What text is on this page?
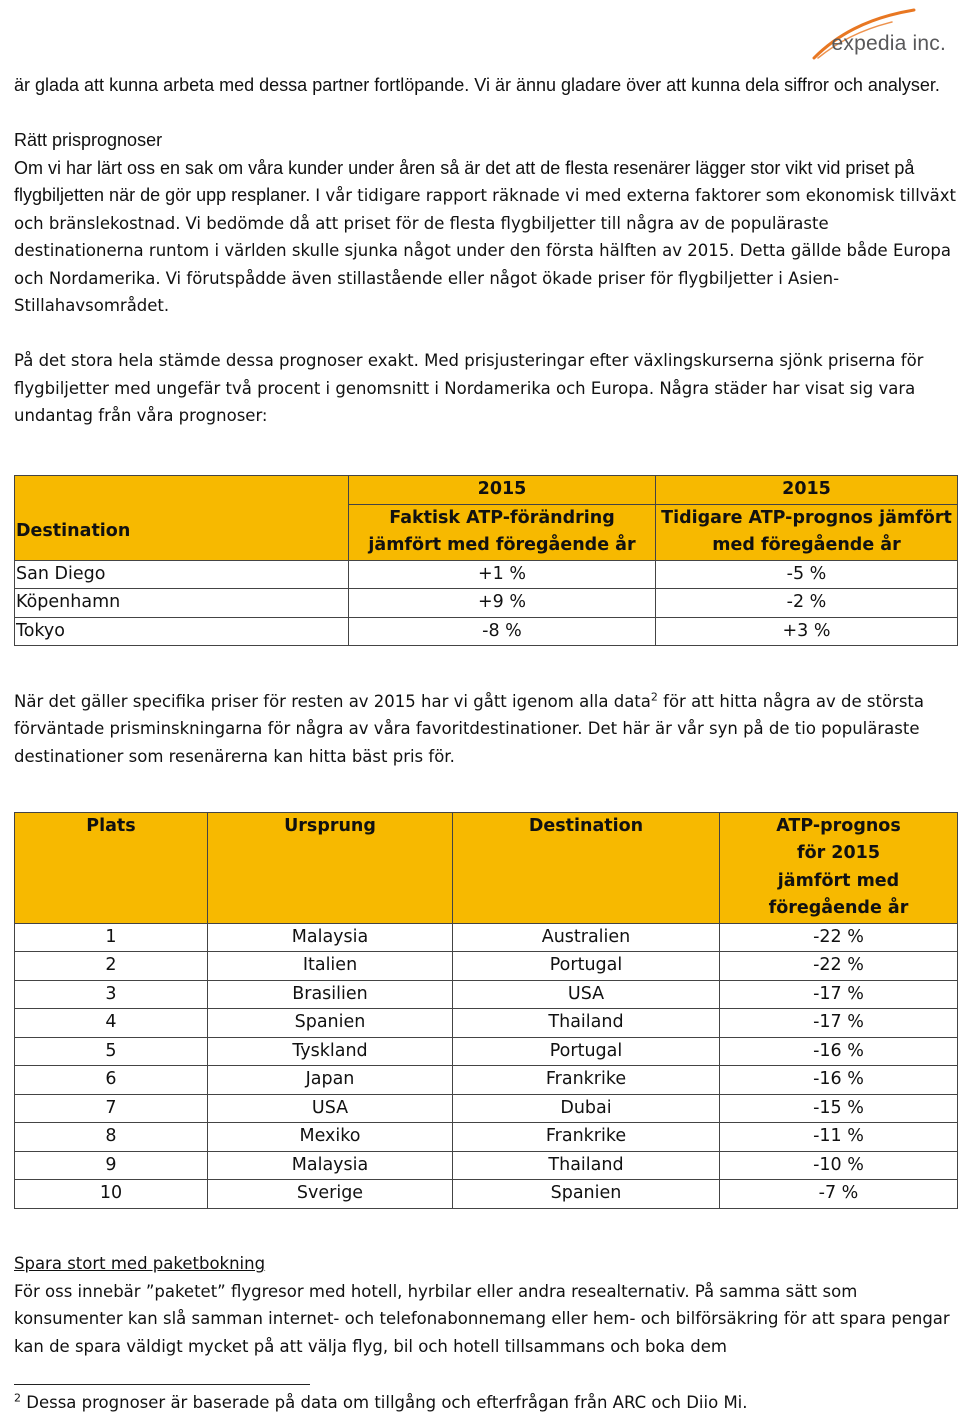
expedia inc.

är glada att kunna arbeta med dessa partner fortlöpande. Vi är ännu gladare över att kunna dela siffror och analyser.

Rätt prisprognoser

Om vi har lärt oss en sak om våra kunder under åren så är det att de flesta resenärer lägger stor vikt vid priset på flygbiljetten när de gör upp resplaner. I vår tidigare rapport räknade vi med externa faktorer som ekonomisk tillväxt och bränslekostnad. Vi bedömde då att priset för de flesta flygbiljetter till några av de populäraste destinationerna runtom i världen skulle sjunka något under den första hälften av 2015. Detta gällde både Europa och Nordamerika. Vi förutspådde även stillastående eller något ökade priser för flygbiljetter i Asien-Stillahavsområdet.

På det stora hela stämde dessa prognoser exakt. Med prisjusteringar efter växlingskurserna sjönk priserna för flygbiljetter med ungefär två procent i genomsnitt i Nordamerika och Europa. Några städer har visat sig vara undantag från våra prognoser:

Destination	2015	2015
	Faktisk ATP-förändring jämfört med föregående år	Tidigare ATP-prognos jämfört med föregående år

San Diego	+1 %	-5 %
Köpenhamn	+9 %	-2 %
Tokyo	-8 %	+3 %

När det gäller specifika priser för resten av 2015 har vi gått igenom alla data$^2$ för att hitta några av de största förväntade prisminskningarna för några av våra favoritdestinationer. Det här är vår syn på de tio populäraste destinationer som resenärerna kan hitta bäst pris för.

Plats	Ursprung	Destination	ATP-prognos för 2015 jämfört med föregående år
1	Malaysia	Australien	-22 %
2	Italien	Portugal	-22 %
3	Brasilien	USA	-17 %
4	Spanien	Thailand	-17 %
5	Tyskland	Portugal	-16 %
6	Japan	Frankrike	-16 %
7	USA	Dubai	-15 %
8	Mexiko	Frankrike	-11 %
9	Malaysia	Thailand	-10 %
10	Sverige	Spanien	-7 %

Spara stort med paketbokning

För oss innebär ”paketet” flygresor med hotell, hyrbilar eller andra resealternativ. På samma sätt som konsumenter kan slå samman internet- och telefonabonnemang eller hem- och bilförsäkring för att spara pengar kan de spara väldigt mycket på att välja flyg, bil och hotell tillsammans och boka dem

$^2$ Dessa prognoser är baserade på data om tillgång och efterfrågan från ARC och Diio Mi.
